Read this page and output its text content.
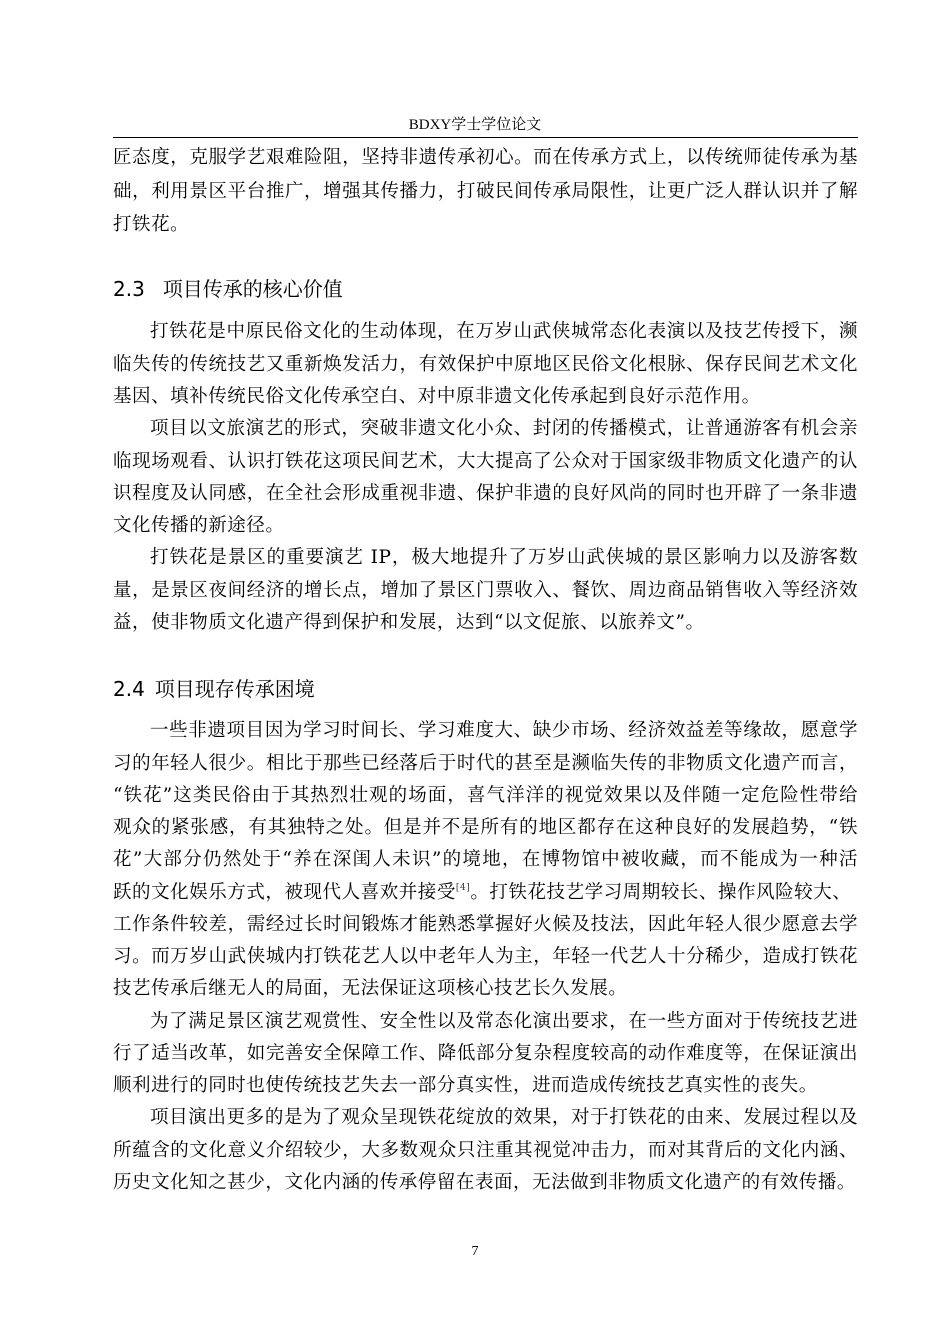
BDXY学士学位论文
匠态度，克服学艺艰难险阻，坚持非遗传承初心。而在传承方式上，以传统师徒传承为基
础，利用景区平台推广，增强其传播力，打破民间传承局限性，让更广泛人群认识并了解
打铁花。
2.3 项目传承的核心价值
打铁花是中原民俗文化的生动体现，在万岁山武侠城常态化表演以及技艺传授下，濒
临失传的传统技艺又重新焕发活力，有效保护中原地区民俗文化根脉、保存民间艺术文化
基因、填补传统民俗文化传承空白、对中原非遗文化传承起到良好示范作用。
项目以文旅演艺的形式，突破非遗文化小众、封闭的传播模式，让普通游客有机会亲
临现场观看、认识打铁花这项民间艺术，大大提高了公众对于国家级非物质文化遗产的认
识程度及认同感，在全社会形成重视非遗、保护非遗的良好风尚的同时也开辟了一条非遗
文化传播的新途径。
打铁花是景区的重要演艺 IP，极大地提升了万岁山武侠城的景区影响力以及游客数
量，是景区夜间经济的增长点，增加了景区门票收入、餐饮、周边商品销售收入等经济效
益，使非物质文化遗产得到保护和发展，达到“以文促旅、以旅养文”。
2.4 项目现存传承困境
一些非遗项目因为学习时间长、学习难度大、缺少市场、经济效益差等缘故，愿意学
习的年轻人很少。相比于那些已经落后于时代的甚至是濒临失传的非物质文化遗产而言，
“铁花”这类民俗由于其热烈壮观的场面，喜气洋洋的视觉效果以及伴随一定危险性带给
观众的紧张感，有其独特之处。但是并不是所有的地区都存在这种良好的发展趋势，“铁
花”大部分仍然处于“养在深闺人未识”的境地，在博物馆中被收藏，而不能成为一种活
跃的文化娱乐方式，被现代人喜欢并接受[4]。打铁花技艺学习周期较长、操作风险较大、
工作条件较差，需经过长时间锻炼才能熟悉掌握好火候及技法，因此年轻人很少愿意去学
习。而万岁山武侠城内打铁花艺人以中老年人为主，年轻一代艺人十分稀少，造成打铁花
技艺传承后继无人的局面，无法保证这项核心技艺长久发展。
为了满足景区演艺观赏性、安全性以及常态化演出要求，在一些方面对于传统技艺进
行了适当改革，如完善安全保障工作、降低部分复杂程度较高的动作难度等，在保证演出
顺利进行的同时也使传统技艺失去一部分真实性，进而造成传统技艺真实性的丧失。
项目演出更多的是为了观众呈现铁花绽放的效果，对于打铁花的由来、发展过程以及
所蕴含的文化意义介绍较少，大多数观众只注重其视觉冲击力，而对其背后的文化内涵、
历史文化知之甚少，文化内涵的传承停留在表面，无法做到非物质文化遗产的有效传播。
7
